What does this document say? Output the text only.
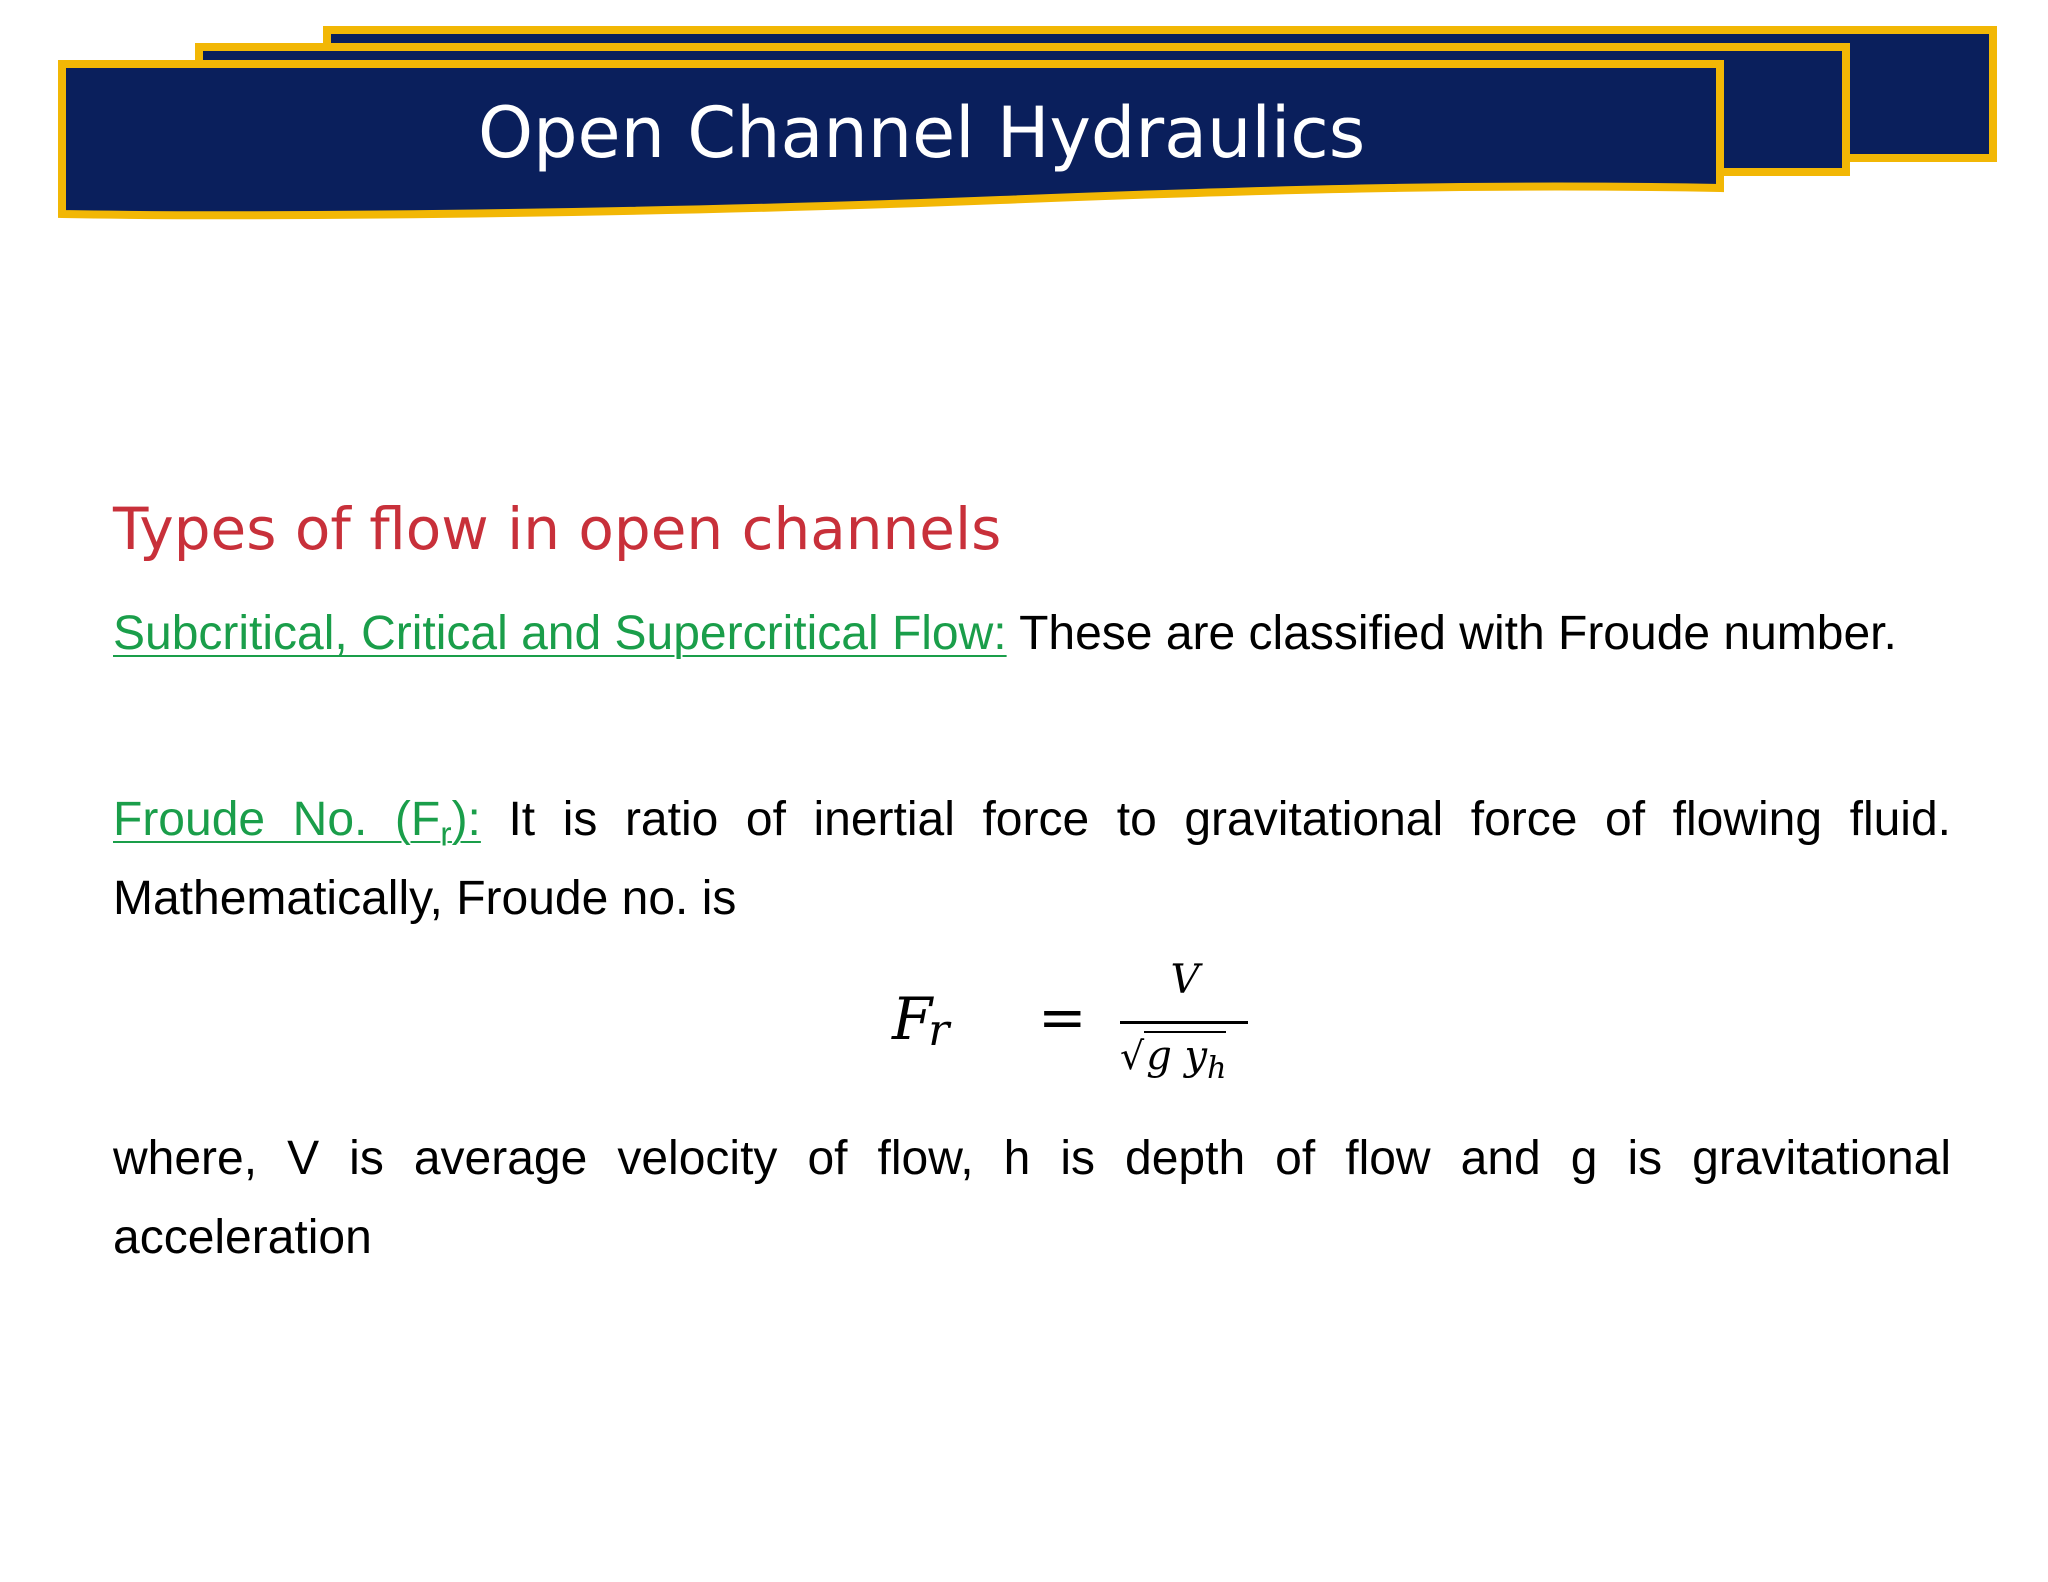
Open Channel Hydraulics
Types of flow in open channels
Subcritical, Critical and Supercritical Flow: These are classified with Froude number.
Froude No. $(F_r)$: It is ratio of inertial force to gravitational force of flowing fluid. Mathematically, Froude no. is
$F_r$ =
V
√g $y_h$
where, V is average velocity of flow, h is depth of flow and g is gravitational acceleration
